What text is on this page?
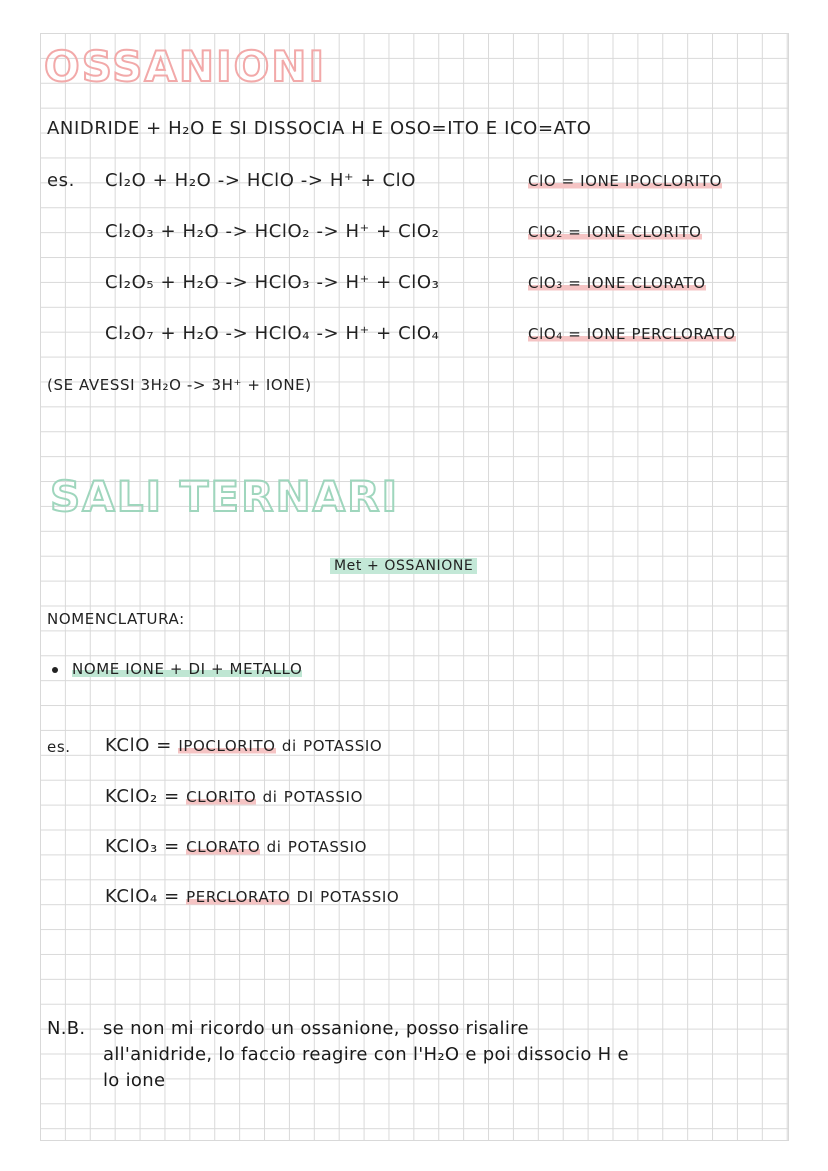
OSSANIONI
ANIDRIDE + H₂O E SI DISSOCIA H E OSO=ITO E ICO=ATO
es. Cl₂O + H₂O -> HClO -> H⁺ + ClO	ClO = IONE IPOCLORITO
Cl₂O₃ + H₂O -> HClO₂ -> H⁺ + ClO₂	ClO₂ = IONE CLORITO
Cl₂O₅ + H₂O -> HClO₃ -> H⁺ + ClO₃	ClO₃ = IONE CLORATO
Cl₂O₇ + H₂O -> HClO₄ -> H⁺ + ClO₄	ClO₄ = IONE PERCLORATO
(SE AVESSI 3H₂O -> 3H⁺ + IONE)
SALI TERNARI
Met + OSSANIONE
NOMENCLATURA:
NOME IONE + DI + METALLO
es. KClO = IPOCLORITO di POTASSIO
KClO₂ = CLORITO di POTASSIO
KClO₃ = CLORATO di POTASSIO
KClO₄ = PERCLORATO DI POTASSIO
N.B. se non mi ricordo un ossanione, posso risalire
all'anidride, lo faccio reagire con l'H₂O e poi dissocio H e
lo ione
